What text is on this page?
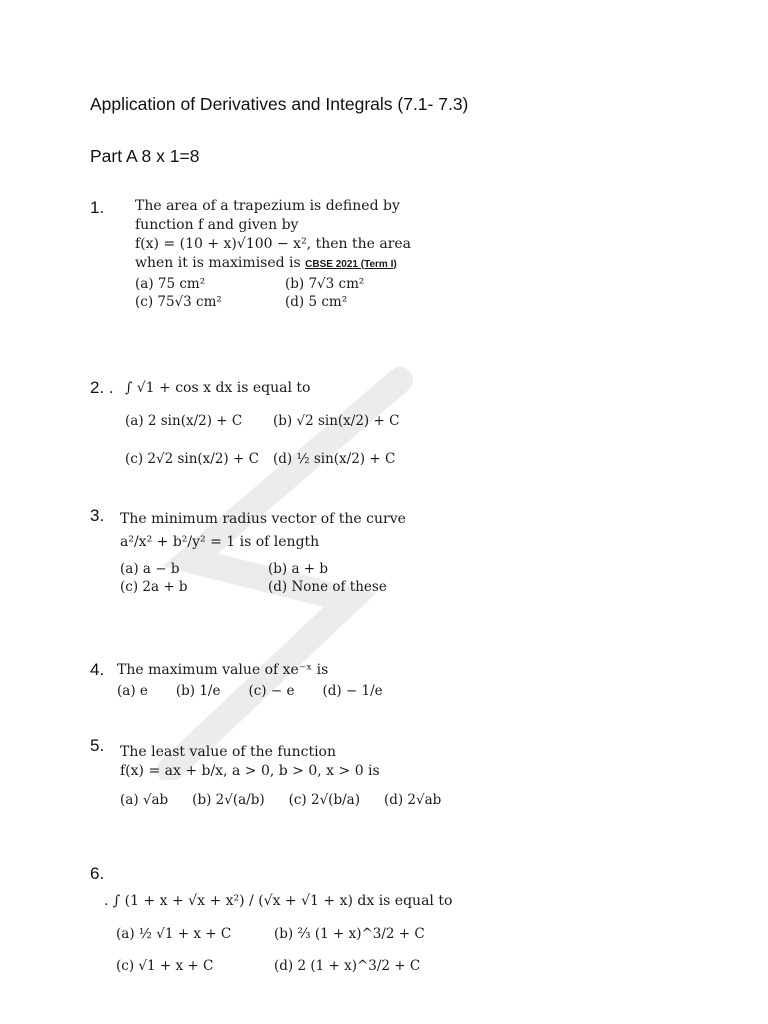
Application of Derivatives and Integrals (7.1- 7.3)
Part A 8 x 1=8
1. The area of a trapezium is defined by
function f and given by
f(x) = (10 + x)√100 − x², then the area
when it is maximised is CBSE 2021 (Term I)
(a) 75 cm²	(b) 7√3 cm²
(c) 75√3 cm²	(d) 5 cm²
2. . ∫ √1 + cos x dx is equal to
(a) 2 sin(x/2) + C	(b) √2 sin(x/2) + C
(c) 2√2 sin(x/2) + C	(d) ½ sin(x/2) + C
3. The minimum radius vector of the curve
a²/x² + b²/y² = 1 is of length
(a) a − b	(b) a + b
(c) 2a + b	(d) None of these
4. The maximum value of xe⁻ˣ is
(a) e (b) 1/e (c) − e (d) − 1/e
5. The least value of the function
f(x) = ax + b/x, a > 0, b > 0, x > 0 is
(a) √ab (b) 2√(a/b) (c) 2√(b/a) (d) 2√ab
6.
. ∫ (1 + x + √x + x²) / (√x + √1 + x) dx is equal to
(a) ½ √1 + x + C	(b) ⅔ (1 + x)^3/2 + C
(c) √1 + x + C	(d) 2 (1 + x)^3/2 + C
